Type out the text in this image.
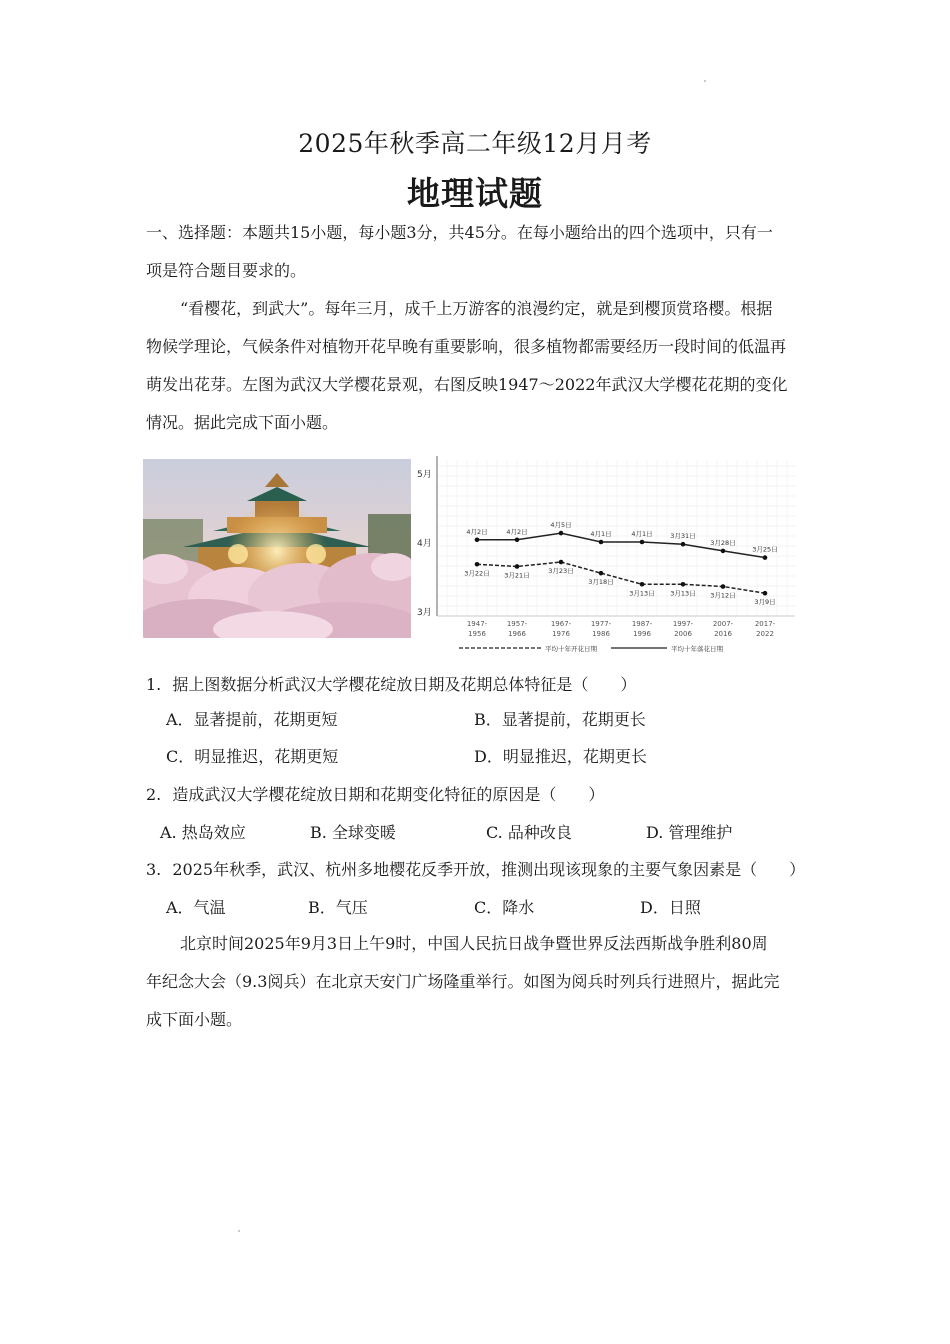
2025年秋季高二年级12月月考
地理试题
一、选择题：本题共15小题，每小题3分，共45分。在每小题给出的四个选项中，只有一
项是符合题目要求的。
“看樱花，到武大”。每年三月，成千上万游客的浪漫约定，就是到樱顶赏珞樱。根据
物候学理论，气候条件对植物开花早晚有重要影响，很多植物都需要经历一段时间的低温再
萌发出花芽。左图为武汉大学樱花景观，右图反映1947～2022年武汉大学樱花花期的变化
情况。据此完成下面小题。
5月
4月
3月
1947-
1956
1957-
1966
1967-
1976
1977-
1986
1987-
1996
1997-
2006
2007-
2016
2017-
2022
4月2日	4月2日
4月5日
4月1日	4月1日	3月31日
3月28日
3月25日
3月22日 3月21日
3月23日
3月18日
3月13日 3月13日 3月12日
3月9日
平均十年开花日期	平均十年落花日期
1. 据上图数据分析武汉大学樱花绽放日期及花期总体特征是（　　）
A．显著提前，花期更短	B．显著提前，花期更长
C．明显推迟，花期更短	D．明显推迟，花期更长
2. 造成武汉大学樱花绽放日期和花期变化特征的原因是（　　）
A. 热岛效应	B. 全球变暖	C. 品种改良	D. 管理维护
3. 2025年秋季，武汉、杭州多地樱花反季开放，推测出现该现象的主要气象因素是（　　）
A．气温	B．气压	C．降水	D．日照
北京时间2025年9月3日上午9时，中国人民抗日战争暨世界反法西斯战争胜利80周
年纪念大会（9.3阅兵）在北京天安门广场隆重举行。如图为阅兵时列兵行进照片，据此完
成下面小题。
